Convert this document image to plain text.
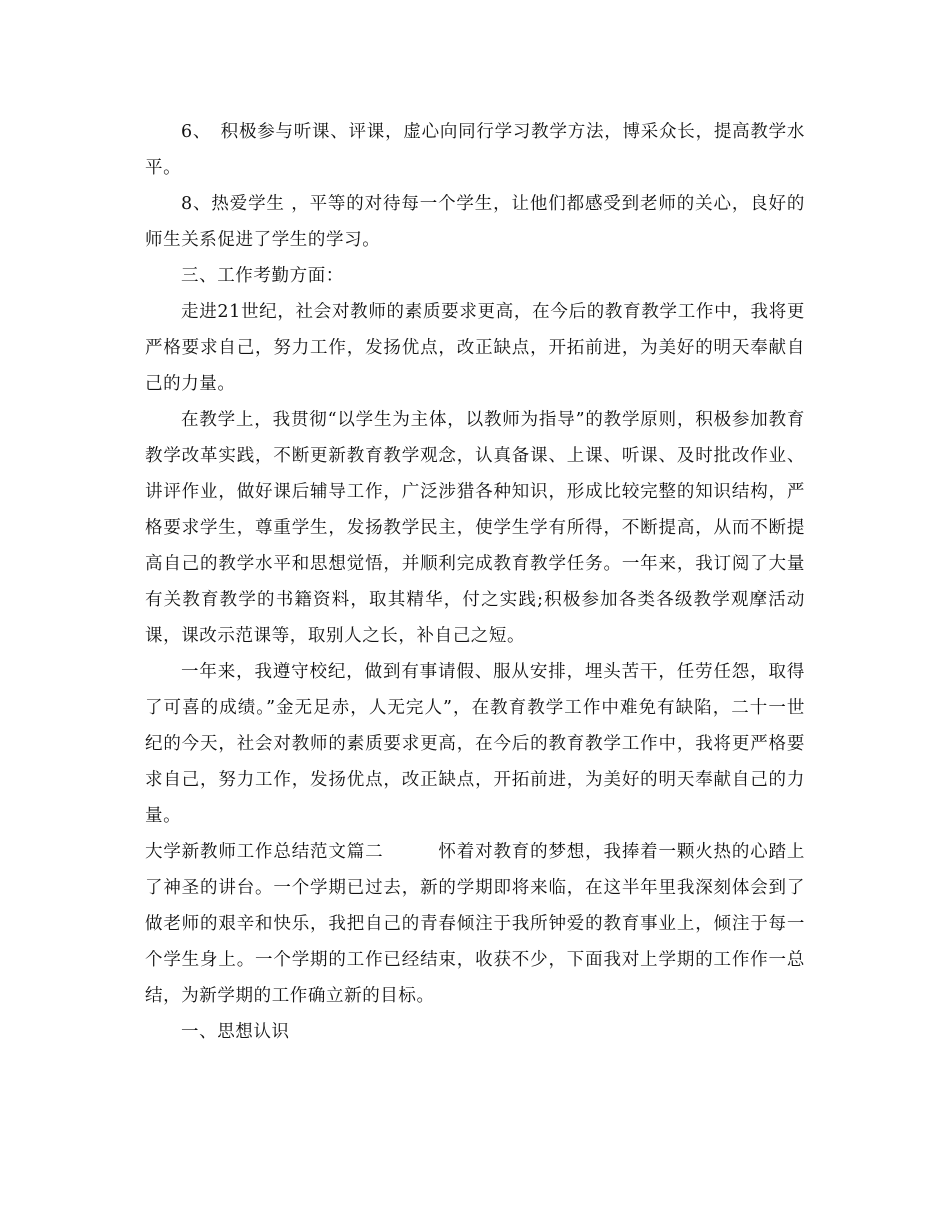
6、　积极参与听课、评课，虚心向同行学习教学方法，博采众长，提高教学水平。

8、热爱学生 ，平等的对待每一个学生，让他们都感受到老师的关心，良好的师生关系促进了学生的学习。

三、工作考勤方面：

走进21世纪，社会对教师的素质要求更高，在今后的教育教学工作中，我将更严格要求自己，努力工作，发扬优点，改正缺点，开拓前进，为美好的明天奉献自己的力量。

在教学上，我贯彻“以学生为主体，以教师为指导”的教学原则，积极参加教育教学改革实践，不断更新教育教学观念，认真备课、上课、听课、及时批改作业、讲评作业，做好课后辅导工作，广泛涉猎各种知识，形成比较完整的知识结构，严格要求学生，尊重学生，发扬教学民主，使学生学有所得，不断提高，从而不断提高自己的教学水平和思想觉悟，并顺利完成教育教学任务。一年来，我订阅了大量有关教育教学的书籍资料，取其精华，付之实践;积极参加各类各级教学观摩活动课，课改示范课等，取别人之长，补自己之短。

一年来，我遵守校纪，做到有事请假、服从安排，埋头苦干，任劳任怨，取得了可喜的成绩。”金无足赤，人无完人”，在教育教学工作中难免有缺陷，二十一世纪的今天，社会对教师的素质要求更高，在今后的教育教学工作中，我将更严格要求自己，努力工作，发扬优点，改正缺点，开拓前进，为美好的明天奉献自己的力量。

大学新教师工作总结范文篇二　　　怀着对教育的梦想，我捧着一颗火热的心踏上了神圣的讲台。一个学期已过去，新的学期即将来临，在这半年里我深刻体会到了做老师的艰辛和快乐，我把自己的青春倾注于我所钟爱的教育事业上，倾注于每一个学生身上。一个学期的工作已经结束，收获不少，下面我对上学期的工作作一总结，为新学期的工作确立新的目标。

一、思想认识
